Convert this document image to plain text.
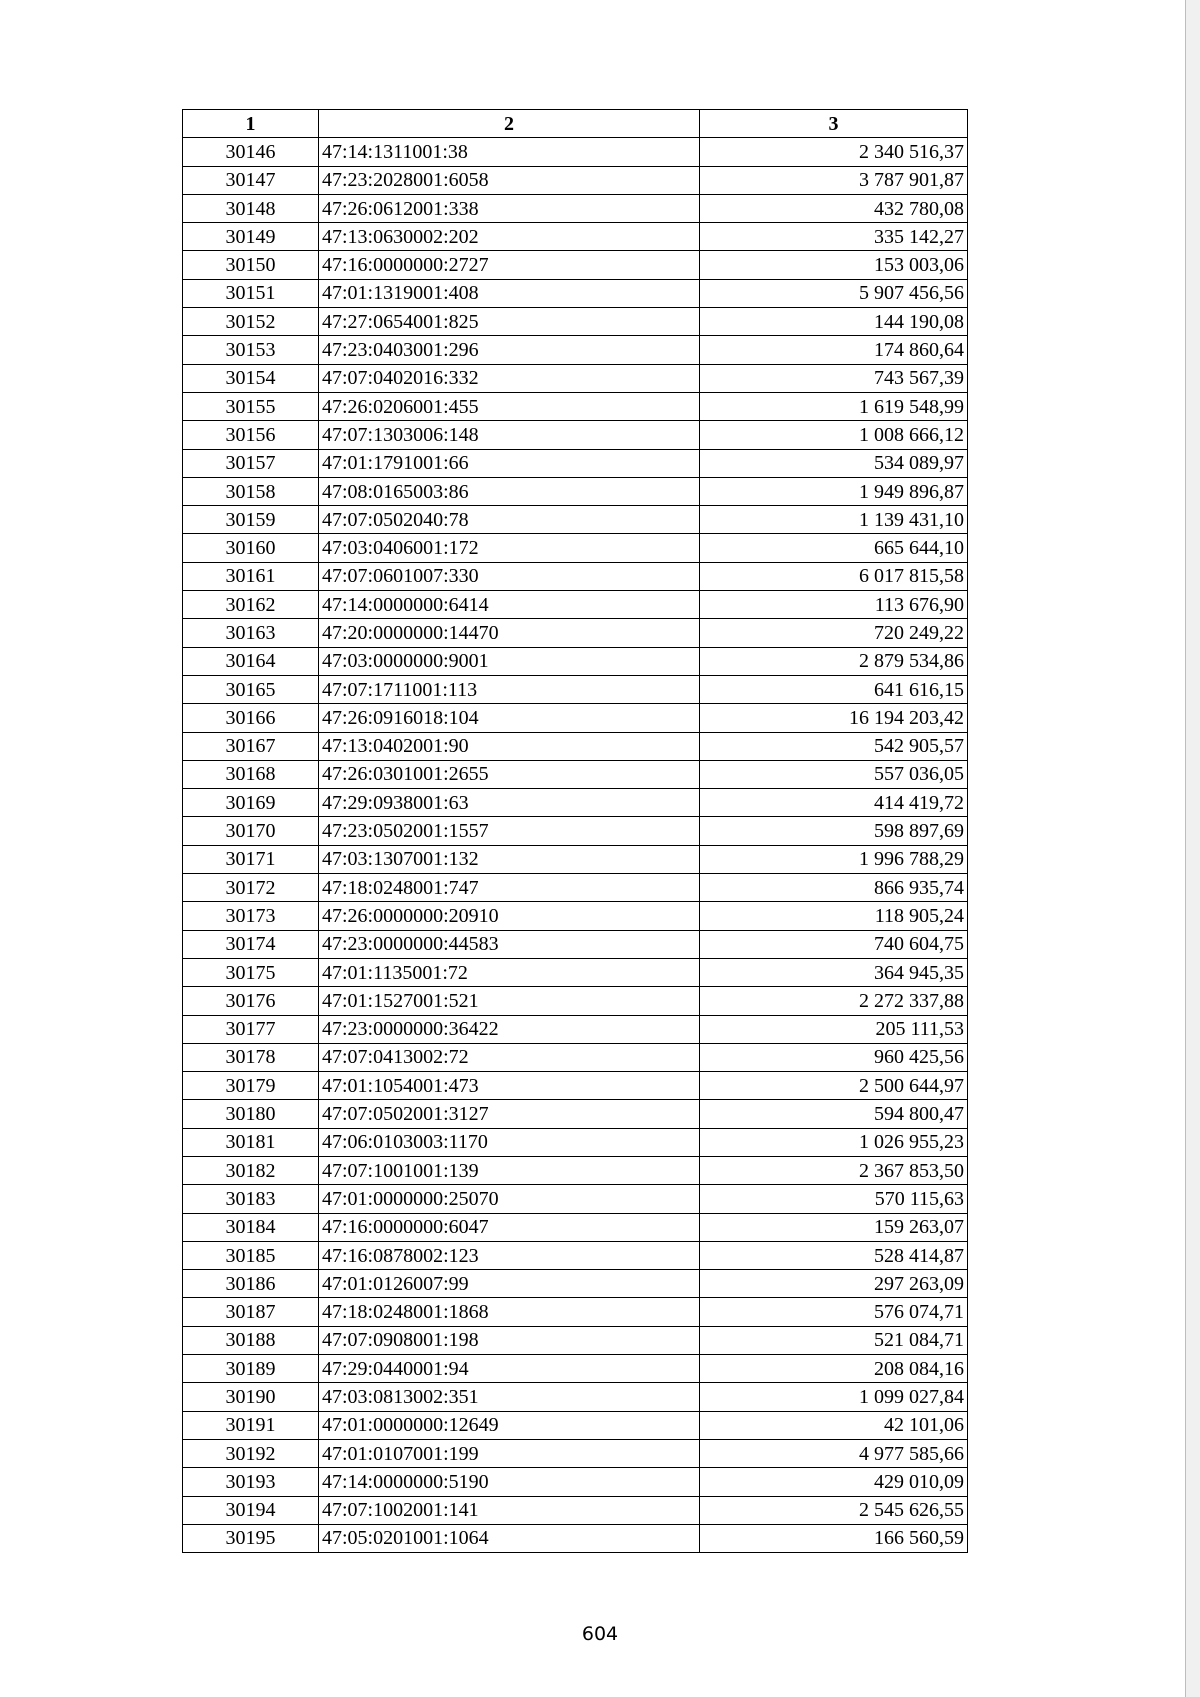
1	2	3
30146	47:14:1311001:38	2 340 516,37
30147	47:23:2028001:6058	3 787 901,87
30148	47:26:0612001:338	432 780,08
30149	47:13:0630002:202	335 142,27
30150	47:16:0000000:2727	153 003,06
30151	47:01:1319001:408	5 907 456,56
30152	47:27:0654001:825	144 190,08
30153	47:23:0403001:296	174 860,64
30154	47:07:0402016:332	743 567,39
30155	47:26:0206001:455	1 619 548,99
30156	47:07:1303006:148	1 008 666,12
30157	47:01:1791001:66	534 089,97
30158	47:08:0165003:86	1 949 896,87
30159	47:07:0502040:78	1 139 431,10
30160	47:03:0406001:172	665 644,10
30161	47:07:0601007:330	6 017 815,58
30162	47:14:0000000:6414	113 676,90
30163	47:20:0000000:14470	720 249,22
30164	47:03:0000000:9001	2 879 534,86
30165	47:07:1711001:113	641 616,15
30166	47:26:0916018:104	16 194 203,42
30167	47:13:0402001:90	542 905,57
30168	47:26:0301001:2655	557 036,05
30169	47:29:0938001:63	414 419,72
30170	47:23:0502001:1557	598 897,69
30171	47:03:1307001:132	1 996 788,29
30172	47:18:0248001:747	866 935,74
30173	47:26:0000000:20910	118 905,24
30174	47:23:0000000:44583	740 604,75
30175	47:01:1135001:72	364 945,35
30176	47:01:1527001:521	2 272 337,88
30177	47:23:0000000:36422	205 111,53
30178	47:07:0413002:72	960 425,56
30179	47:01:1054001:473	2 500 644,97
30180	47:07:0502001:3127	594 800,47
30181	47:06:0103003:1170	1 026 955,23
30182	47:07:1001001:139	2 367 853,50
30183	47:01:0000000:25070	570 115,63
30184	47:16:0000000:6047	159 263,07
30185	47:16:0878002:123	528 414,87
30186	47:01:0126007:99	297 263,09
30187	47:18:0248001:1868	576 074,71
30188	47:07:0908001:198	521 084,71
30189	47:29:0440001:94	208 084,16
30190	47:03:0813002:351	1 099 027,84
30191	47:01:0000000:12649	42 101,06
30192	47:01:0107001:199	4 977 585,66
30193	47:14:0000000:5190	429 010,09
30194	47:07:1002001:141	2 545 626,55
30195	47:05:0201001:1064	166 560,59
604
